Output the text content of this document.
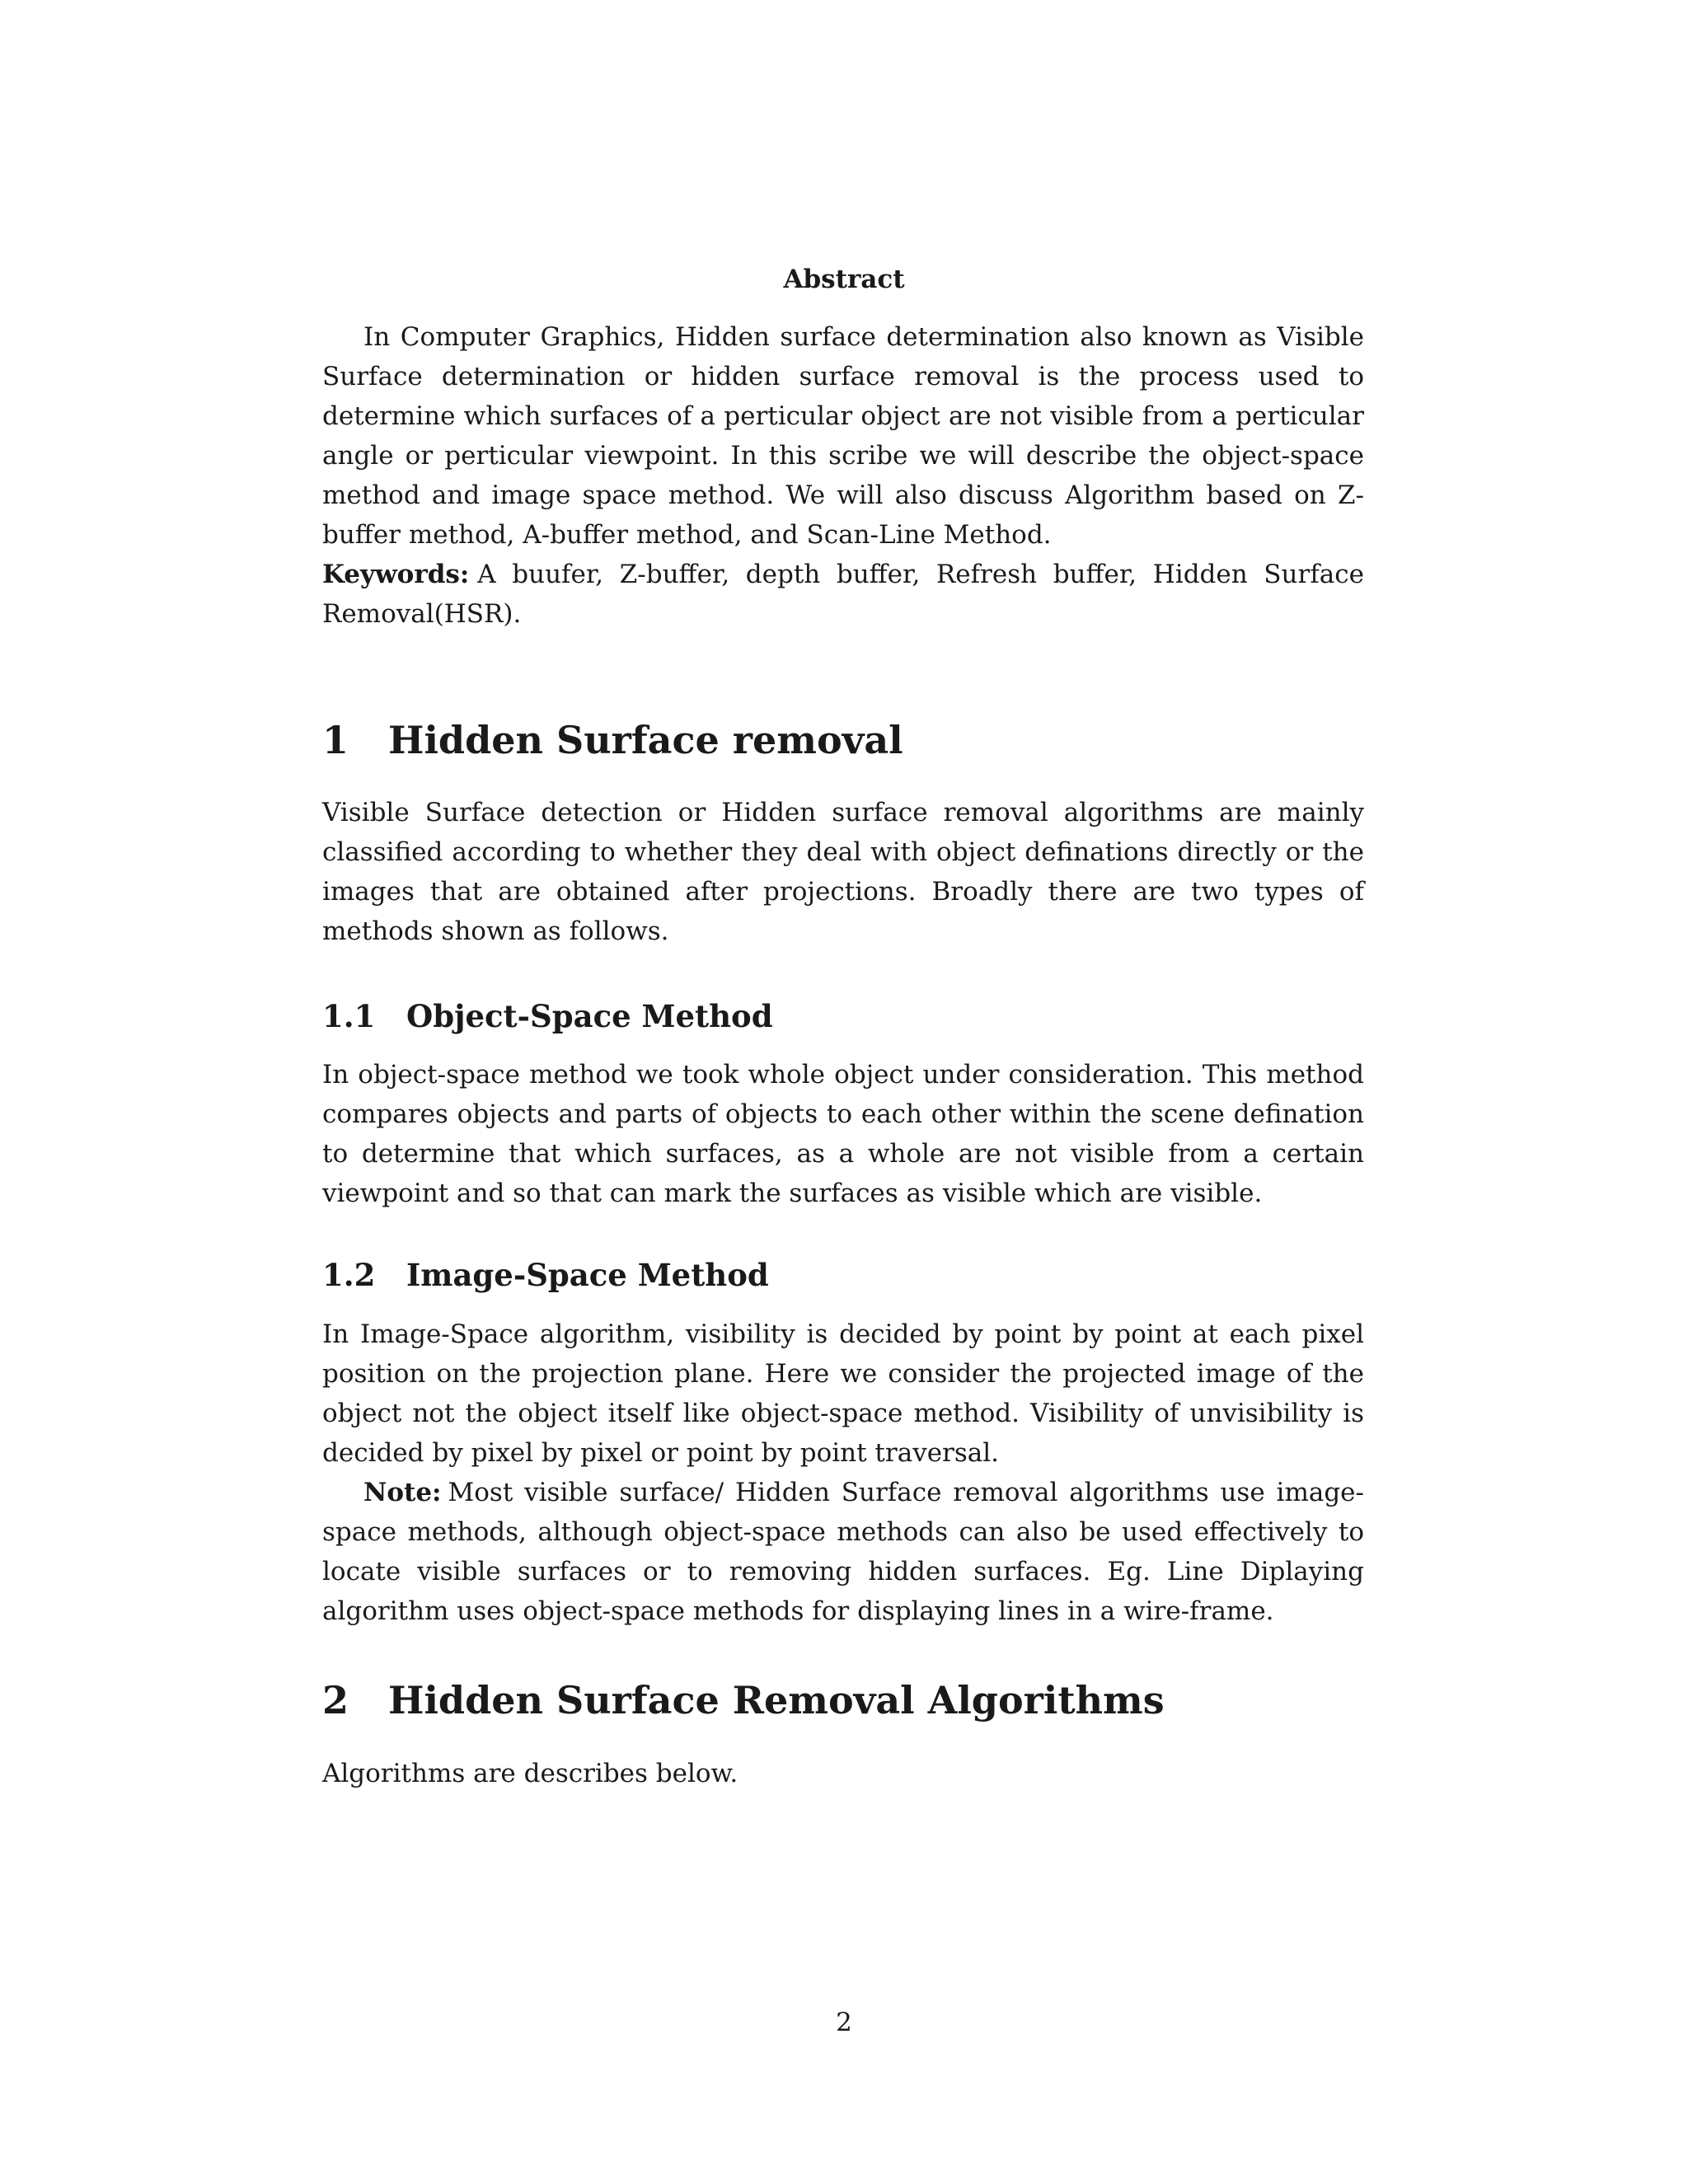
Abstract

In Computer Graphics, Hidden surface determination also known as Visible Surface determination or hidden surface removal is the process used to determine which surfaces of a perticular object are not visible from a perticular angle or perticular viewpoint. In this scribe we will describe the object-space method and image space method. We will also discuss Algorithm based on Z-buffer method, A-buffer method, and Scan-Line Method.

Keywords: A buufer, Z-buffer, depth buffer, Refresh buffer, Hidden Surface Removal(HSR).

1 Hidden Surface removal

Visible Surface detection or Hidden surface removal algorithms are mainly classified according to whether they deal with object definations directly or the images that are obtained after projections. Broadly there are two types of methods shown as follows.

1.1 Object-Space Method

In object-space method we took whole object under consideration. This method compares objects and parts of objects to each other within the scene defination to determine that which surfaces, as a whole are not visible from a certain viewpoint and so that can mark the surfaces as visible which are visible.

1.2 Image-Space Method

In Image-Space algorithm, visibility is decided by point by point at each pixel position on the projection plane. Here we consider the projected image of the object not the object itself like object-space method. Visibility of unvisibility is decided by pixel by pixel or point by point traversal.

Note: Most visible surface/ Hidden Surface removal algorithms use image-space methods, although object-space methods can also be used effectively to locate visible surfaces or to removing hidden surfaces. Eg. Line Diplaying algorithm uses object-space methods for displaying lines in a wire-frame.

2 Hidden Surface Removal Algorithms

Algorithms are describes below.

2
